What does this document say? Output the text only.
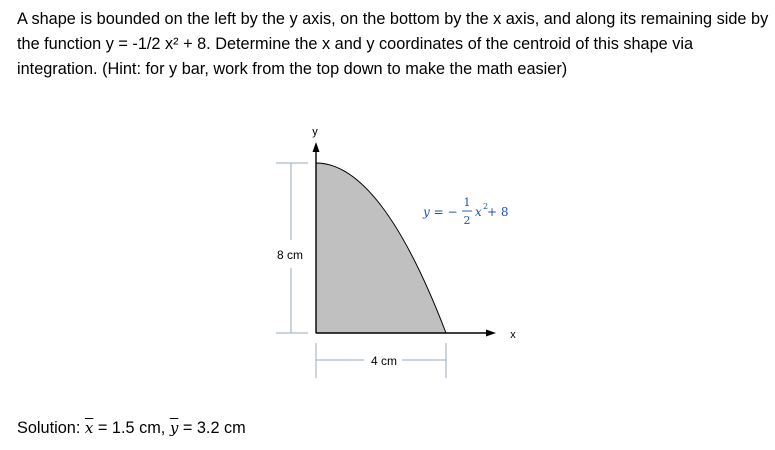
A shape is bounded on the left by the y axis, on the bottom by the x axis, and along its remaining side by

the function y = -1/2 x² + 8. Determine the x and y coordinates of the centroid of this shape via

integration. (Hint: for y bar, work from the top down to make the math easier)

y
x
8 cm
4 cm
y = −
1
2
x 2
+ 8
Solution: $\overline{x} = 1.5$ cm, $\overline{y} = 3.2$ cm
